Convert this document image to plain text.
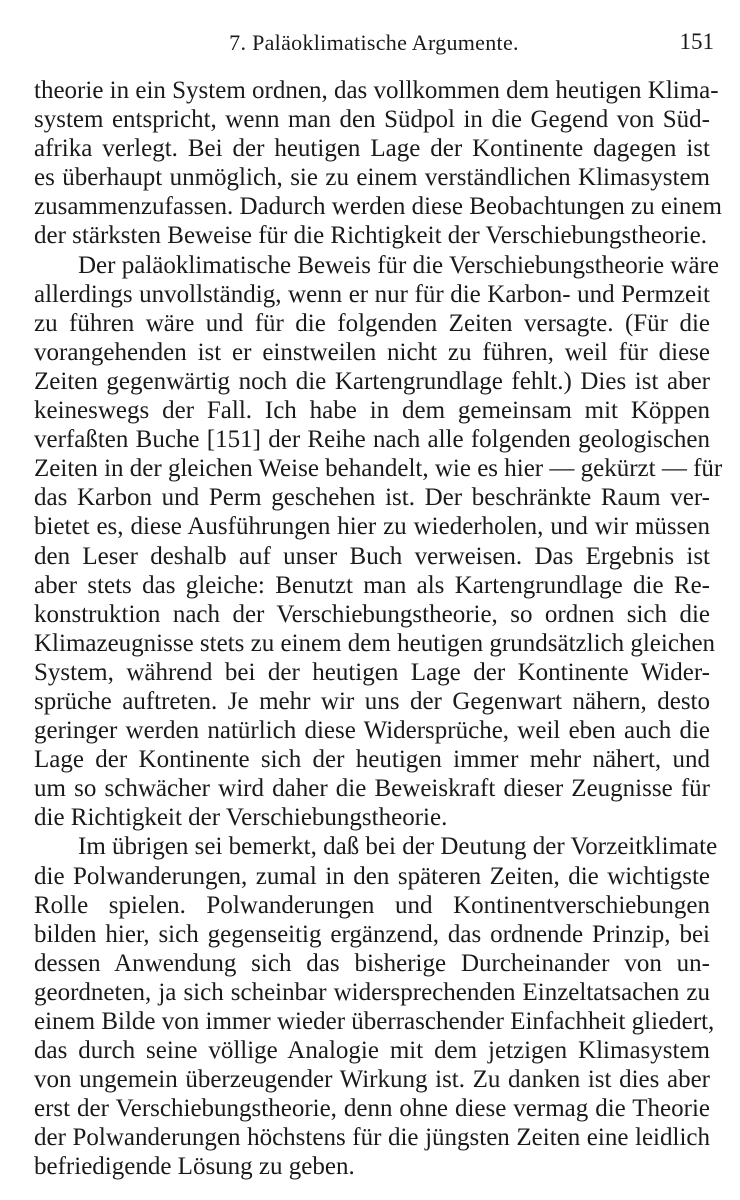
7. Paläoklimatische Argumente.	151
theorie in ein System ordnen, das vollkommen dem heutigen Klima-
system entspricht, wenn man den Südpol in die Gegend von Süd-
afrika verlegt. Bei der heutigen Lage der Kontinente dagegen ist
es überhaupt unmöglich, sie zu einem verständlichen Klimasystem
zusammenzufassen. Dadurch werden diese Beobachtungen zu einem
der stärksten Beweise für die Richtigkeit der Verschiebungstheorie.
Der paläoklimatische Beweis für die Verschiebungstheorie wäre
allerdings unvollständig, wenn er nur für die Karbon- und Permzeit
zu führen wäre und für die folgenden Zeiten versagte. (Für die
vorangehenden ist er einstweilen nicht zu führen, weil für diese
Zeiten gegenwärtig noch die Kartengrundlage fehlt.) Dies ist aber
keineswegs der Fall. Ich habe in dem gemeinsam mit Köppen
verfaßten Buche [151] der Reihe nach alle folgenden geologischen
Zeiten in der gleichen Weise behandelt, wie es hier — gekürzt — für
das Karbon und Perm geschehen ist. Der beschränkte Raum ver-
bietet es, diese Ausführungen hier zu wiederholen, und wir müssen
den Leser deshalb auf unser Buch verweisen. Das Ergebnis ist
aber stets das gleiche: Benutzt man als Kartengrundlage die Re-
konstruktion nach der Verschiebungstheorie, so ordnen sich die
Klimazeugnisse stets zu einem dem heutigen grundsätzlich gleichen
System, während bei der heutigen Lage der Kontinente Wider-
sprüche auftreten. Je mehr wir uns der Gegenwart nähern, desto
geringer werden natürlich diese Widersprüche, weil eben auch die
Lage der Kontinente sich der heutigen immer mehr nähert, und
um so schwächer wird daher die Beweiskraft dieser Zeugnisse für
die Richtigkeit der Verschiebungstheorie.
Im übrigen sei bemerkt, daß bei der Deutung der Vorzeitklimate
die Polwanderungen, zumal in den späteren Zeiten, die wichtigste
Rolle spielen. Polwanderungen und Kontinentverschiebungen
bilden hier, sich gegenseitig ergänzend, das ordnende Prinzip, bei
dessen Anwendung sich das bisherige Durcheinander von un-
geordneten, ja sich scheinbar widersprechenden Einzeltatsachen zu
einem Bilde von immer wieder überraschender Einfachheit gliedert,
das durch seine völlige Analogie mit dem jetzigen Klimasystem
von ungemein überzeugender Wirkung ist. Zu danken ist dies aber
erst der Verschiebungstheorie, denn ohne diese vermag die Theorie
der Polwanderungen höchstens für die jüngsten Zeiten eine leidlich
befriedigende Lösung zu geben.
